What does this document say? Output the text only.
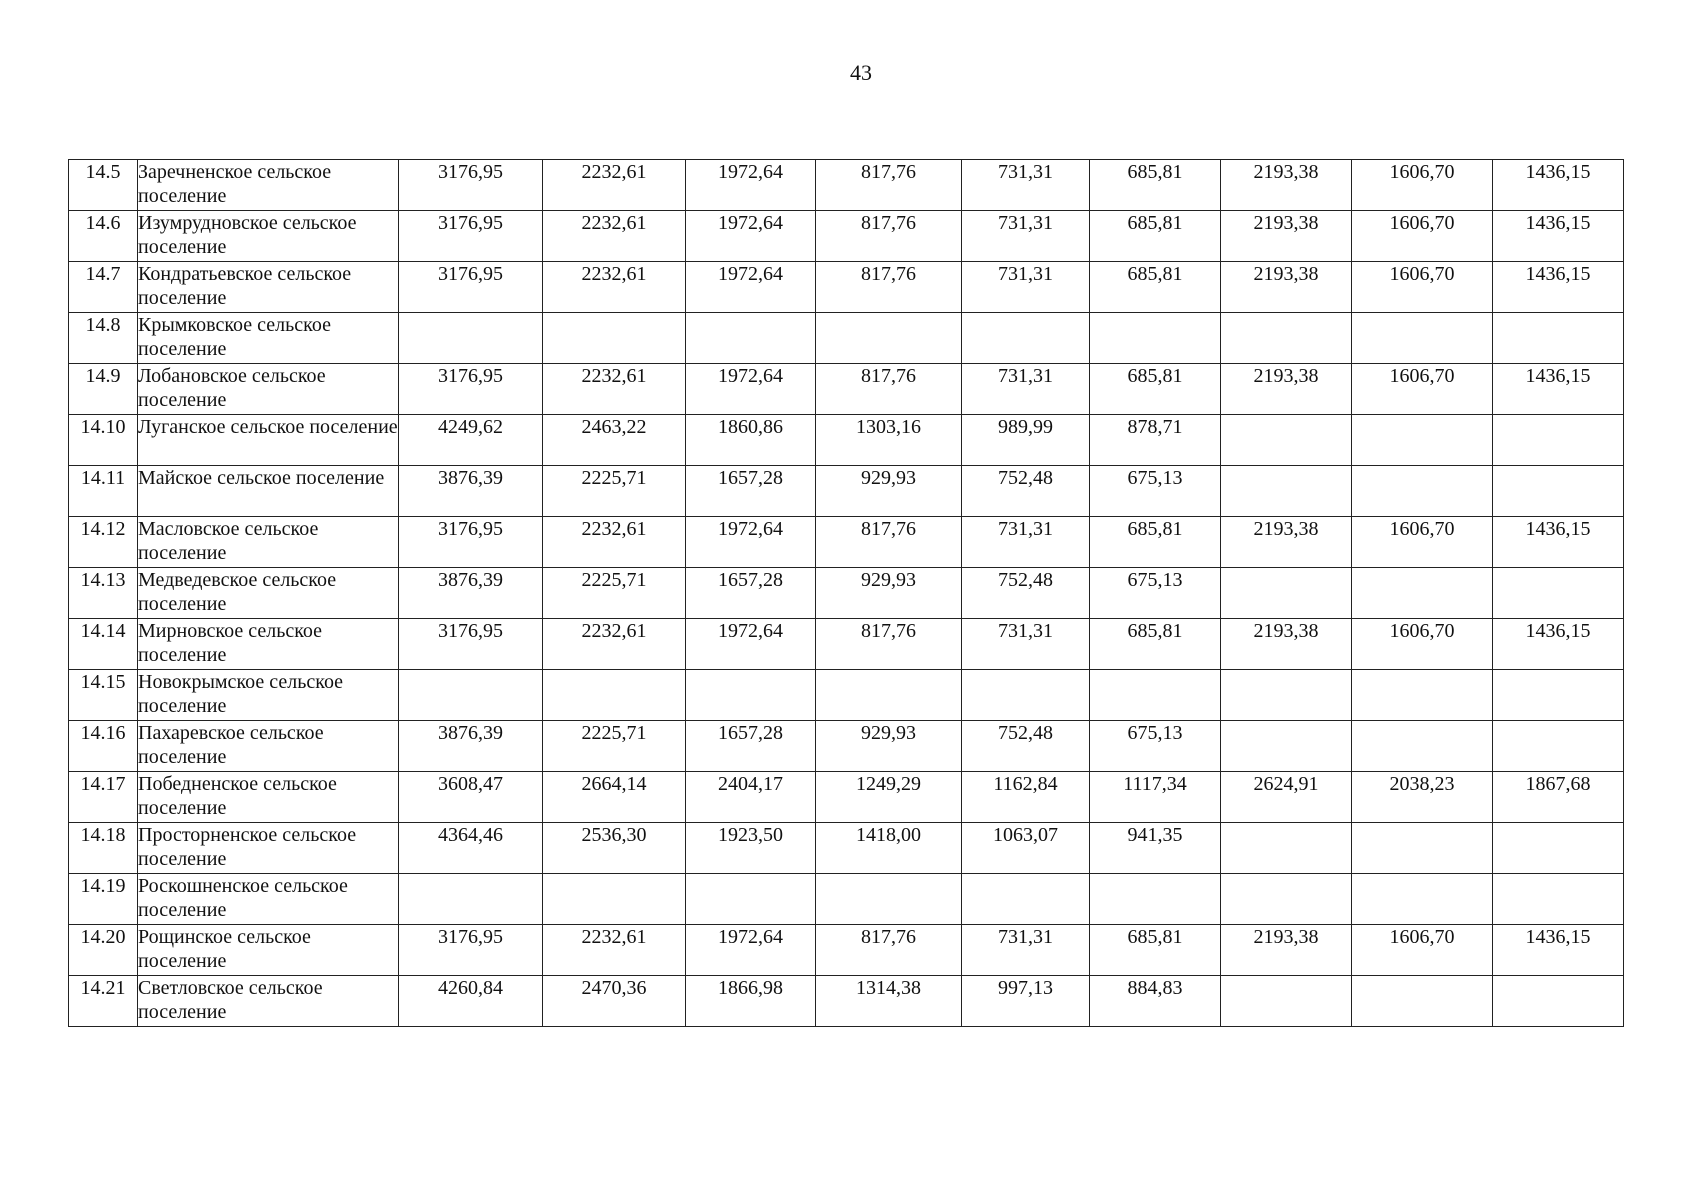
43
14.5	Заречненское сельское поселение	3176,95	2232,61	1972,64	817,76	731,31	685,81	2193,38	1606,70	1436,15
14.6	Изумрудновское сельское поселение	3176,95	2232,61	1972,64	817,76	731,31	685,81	2193,38	1606,70	1436,15
14.7	Кондратьевское сельское поселение	3176,95	2232,61	1972,64	817,76	731,31	685,81	2193,38	1606,70	1436,15
14.8	Крымковское сельское поселение									
14.9	Лобановское сельское поселение	3176,95	2232,61	1972,64	817,76	731,31	685,81	2193,38	1606,70	1436,15
14.10	Луганское сельское поселение	4249,62	2463,22	1860,86	1303,16	989,99	878,71			
14.11	Майское сельское поселение	3876,39	2225,71	1657,28	929,93	752,48	675,13			
14.12	Масловское сельское поселение	3176,95	2232,61	1972,64	817,76	731,31	685,81	2193,38	1606,70	1436,15
14.13	Медведевское сельское поселение	3876,39	2225,71	1657,28	929,93	752,48	675,13			
14.14	Мирновское сельское поселение	3176,95	2232,61	1972,64	817,76	731,31	685,81	2193,38	1606,70	1436,15
14.15	Новокрымское сельское поселение									
14.16	Пахаревское сельское поселение	3876,39	2225,71	1657,28	929,93	752,48	675,13			
14.17	Победненское сельское поселение	3608,47	2664,14	2404,17	1249,29	1162,84	1117,34	2624,91	2038,23	1867,68
14.18	Просторненское сельское поселение	4364,46	2536,30	1923,50	1418,00	1063,07	941,35			
14.19	Роскошненское сельское поселение									
14.20	Рощинское сельское поселение	3176,95	2232,61	1972,64	817,76	731,31	685,81	2193,38	1606,70	1436,15
14.21	Светловское сельское поселение	4260,84	2470,36	1866,98	1314,38	997,13	884,83			
